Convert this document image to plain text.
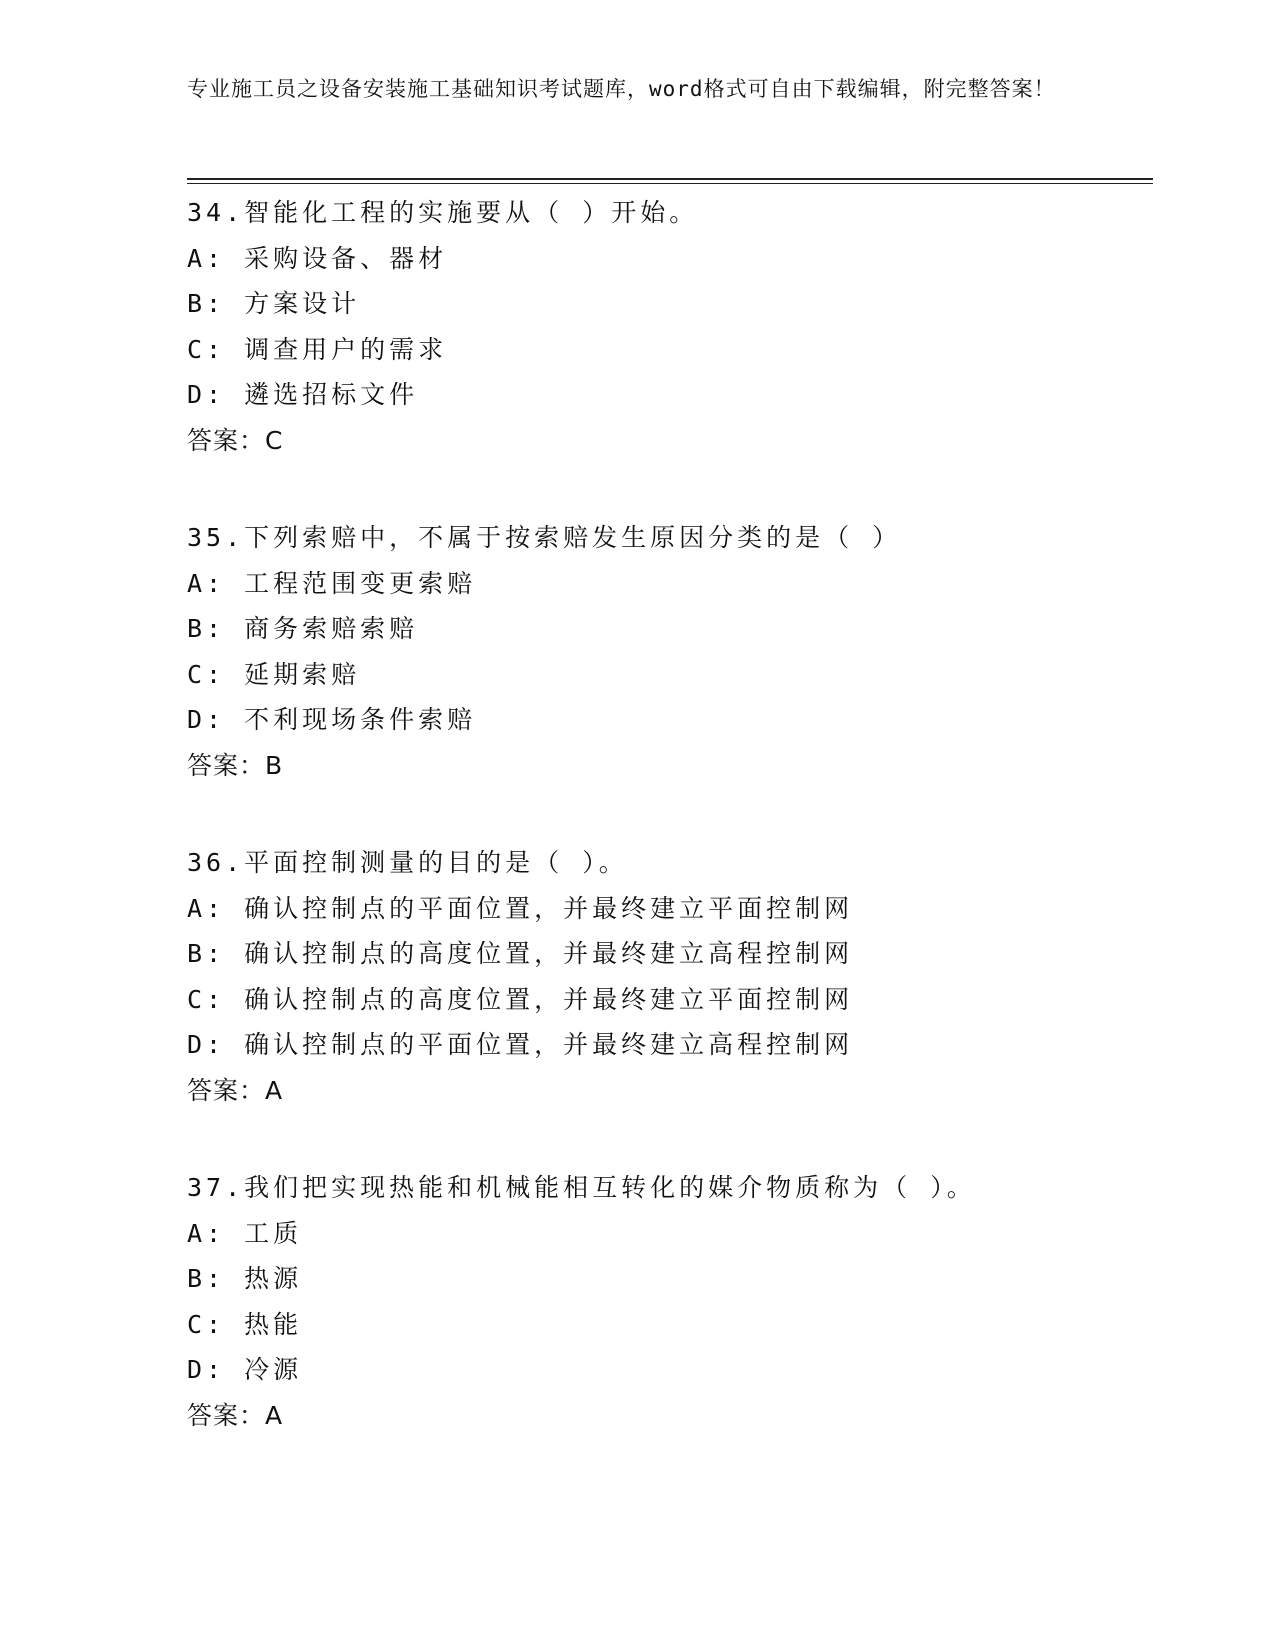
专业施工员之设备安装施工基础知识考试题库，word格式可自由下载编辑，附完整答案！
34.智能化工程的实施要从（ ）开始。
A: 采购设备、器材
B: 方案设计
C: 调查用户的需求
D: 遴选招标文件
答案：C
35.下列索赔中，不属于按索赔发生原因分类的是（ ）
A: 工程范围变更索赔
B: 商务索赔索赔
C: 延期索赔
D: 不利现场条件索赔
答案：B
36.平面控制测量的目的是（ ）。
A: 确认控制点的平面位置，并最终建立平面控制网
B: 确认控制点的高度位置，并最终建立高程控制网
C: 确认控制点的高度位置，并最终建立平面控制网
D: 确认控制点的平面位置，并最终建立高程控制网
答案：A
37.我们把实现热能和机械能相互转化的媒介物质称为（ ）。
A: 工质
B: 热源
C: 热能
D: 冷源
答案：A
